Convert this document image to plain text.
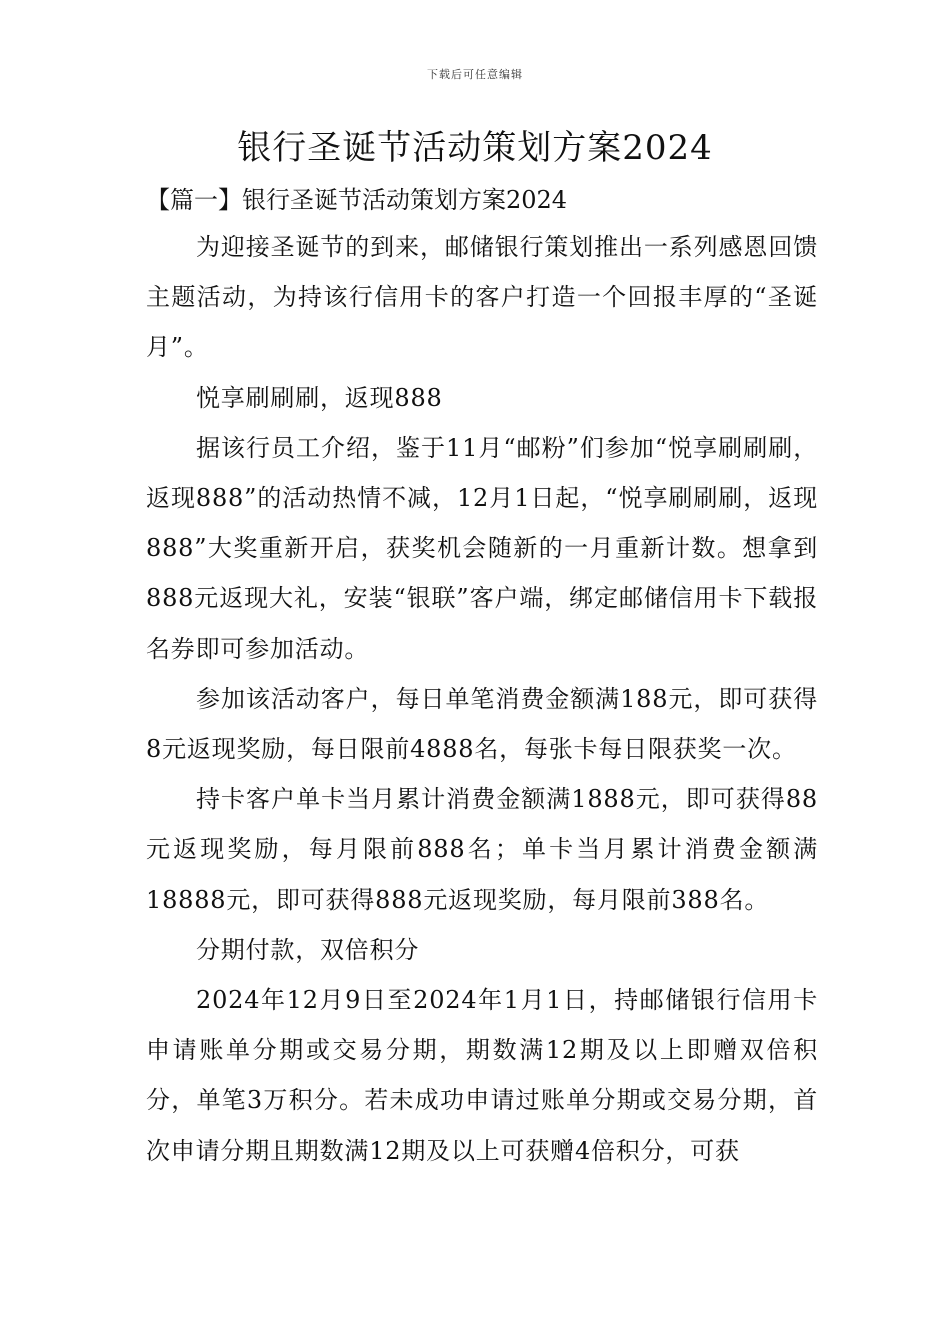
下载后可任意编辑
银行圣诞节活动策划方案2024
【篇一】银行圣诞节活动策划方案2024

为迎接圣诞节的到来，邮储银行策划推出一系列感恩回馈主题活动，为持该行信用卡的客户打造一个回报丰厚的“圣诞月”。

悦享刷刷刷，返现888

据该行员工介绍，鉴于11月“邮粉”们参加“悦享刷刷刷，返现888”的活动热情不减，12月1日起，“悦享刷刷刷，返现888”大奖重新开启，获奖机会随新的一月重新计数。想拿到888元返现大礼，安装“银联”客户端，绑定邮储信用卡下载报名券即可参加活动。

参加该活动客户，每日单笔消费金额满188元，即可获得8元返现奖励，每日限前4888名，每张卡每日限获奖一次。

持卡客户单卡当月累计消费金额满1888元，即可获得88元返现奖励，每月限前888名；单卡当月累计消费金额满18888元，即可获得888元返现奖励，每月限前388名。

分期付款，双倍积分

2024年12月9日至2024年1月1日，持邮储银行信用卡申请账单分期或交易分期，期数满12期及以上即赠双倍积分，单笔3万积分。若未成功申请过账单分期或交易分期，首次申请分期且期数满12期及以上可获赠4倍积分，可获
